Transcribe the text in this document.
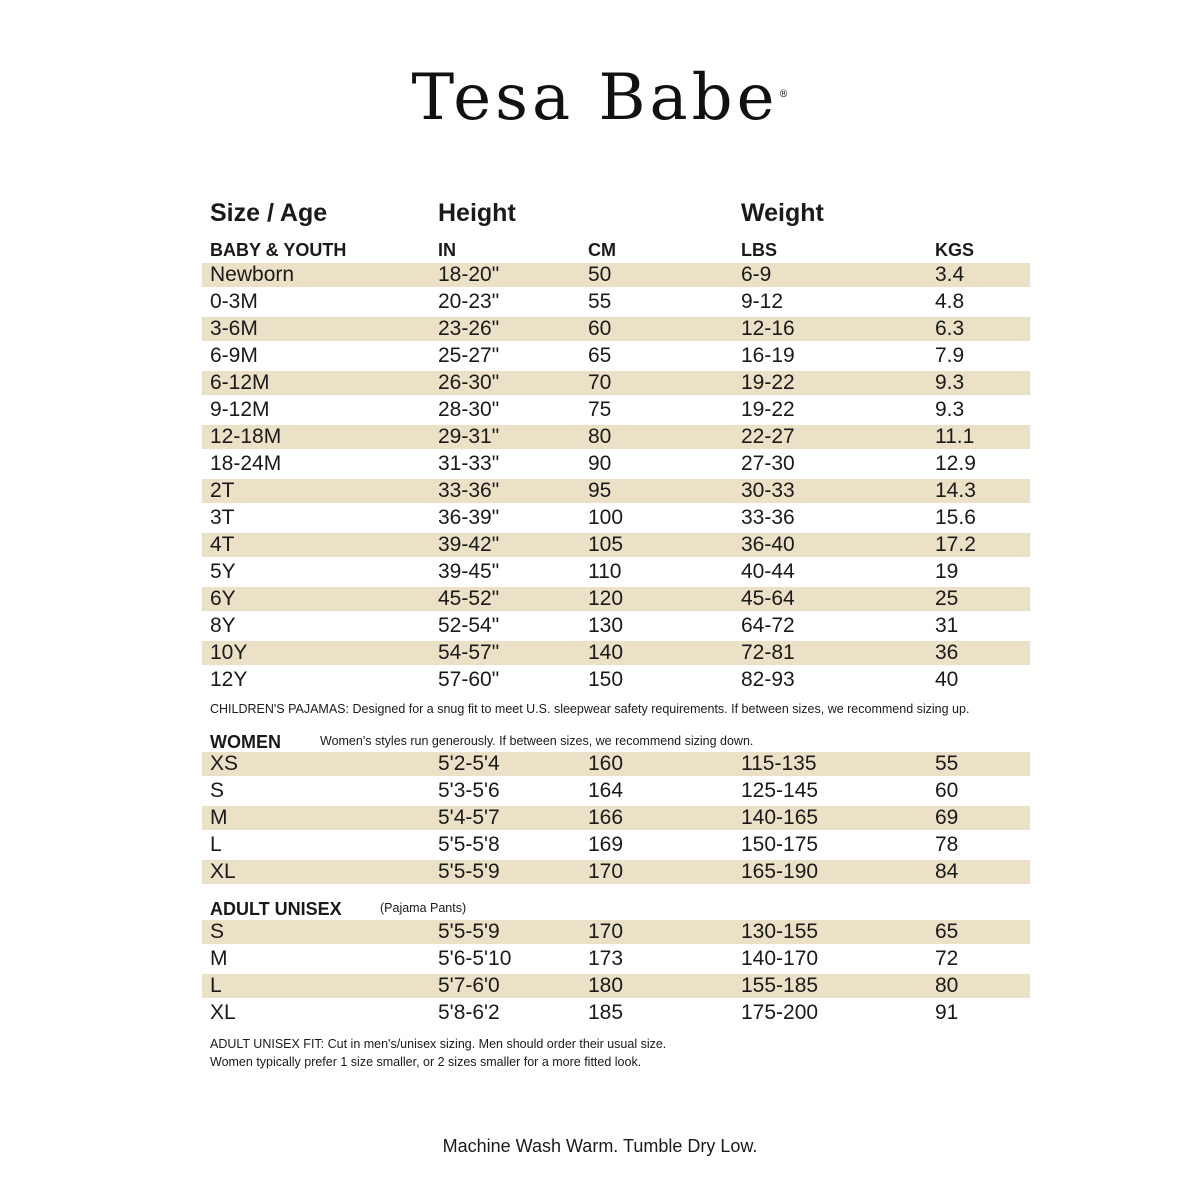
Tesa Babe®
Size / Age	Height	Weight
BABY & YOUTH	IN	CM	LBS	KGS
Newborn	18-20"	50	6-9	3.4
0-3M	20-23"	55	9-12	4.8
3-6M	23-26"	60	12-16	6.3
6-9M	25-27"	65	16-19	7.9
6-12M	26-30"	70	19-22	9.3
9-12M	28-30"	75	19-22	9.3
12-18M	29-31"	80	22-27	11.1
18-24M	31-33"	90	27-30	12.9
2T	33-36"	95	30-33	14.3
3T	36-39"	100	33-36	15.6
4T	39-42"	105	36-40	17.2
5Y	39-45"	110	40-44	19
6Y	45-52"	120	45-64	25
8Y	52-54"	130	64-72	31
10Y	54-57"	140	72-81	36
12Y	57-60"	150	82-93	40
CHILDREN'S PAJAMAS: Designed for a snug fit to meet U.S. sleepwear safety requirements. If between sizes, we recommend sizing up.
WOMEN	Women's styles run generously. If between sizes, we recommend sizing down.
XS	5'2-5'4	160	115-135	55
S	5'3-5'6	164	125-145	60
M	5'4-5'7	166	140-165	69
L	5'5-5'8	169	150-175	78
XL	5'5-5'9	170	165-190	84
ADULT UNISEX	(Pajama Pants)
S	5'5-5'9	170	130-155	65
M	5'6-5'10	173	140-170	72
L	5'7-6'0	180	155-185	80
XL	5'8-6'2	185	175-200	91
ADULT UNISEX FIT: Cut in men's/unisex sizing. Men should order their usual size.
Women typically prefer 1 size smaller, or 2 sizes smaller for a more fitted look.
Machine Wash Warm. Tumble Dry Low.
